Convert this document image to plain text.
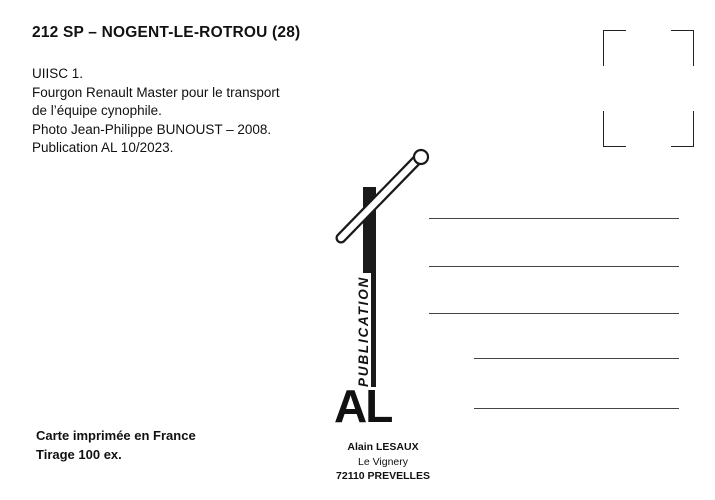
212 SP – NOGENT-LE-ROTROU (28)
UIISC 1.
Fourgon Renault Master pour le transport
de l’équipe cynophile.
Photo Jean-Philippe BUNOUST – 2008.
Publication AL 10/2023.
Carte imprimée en France
Tirage 100 ex.
PUBLICATION
AL
Alain LESAUX
Le Vignery
72110 PREVELLES
